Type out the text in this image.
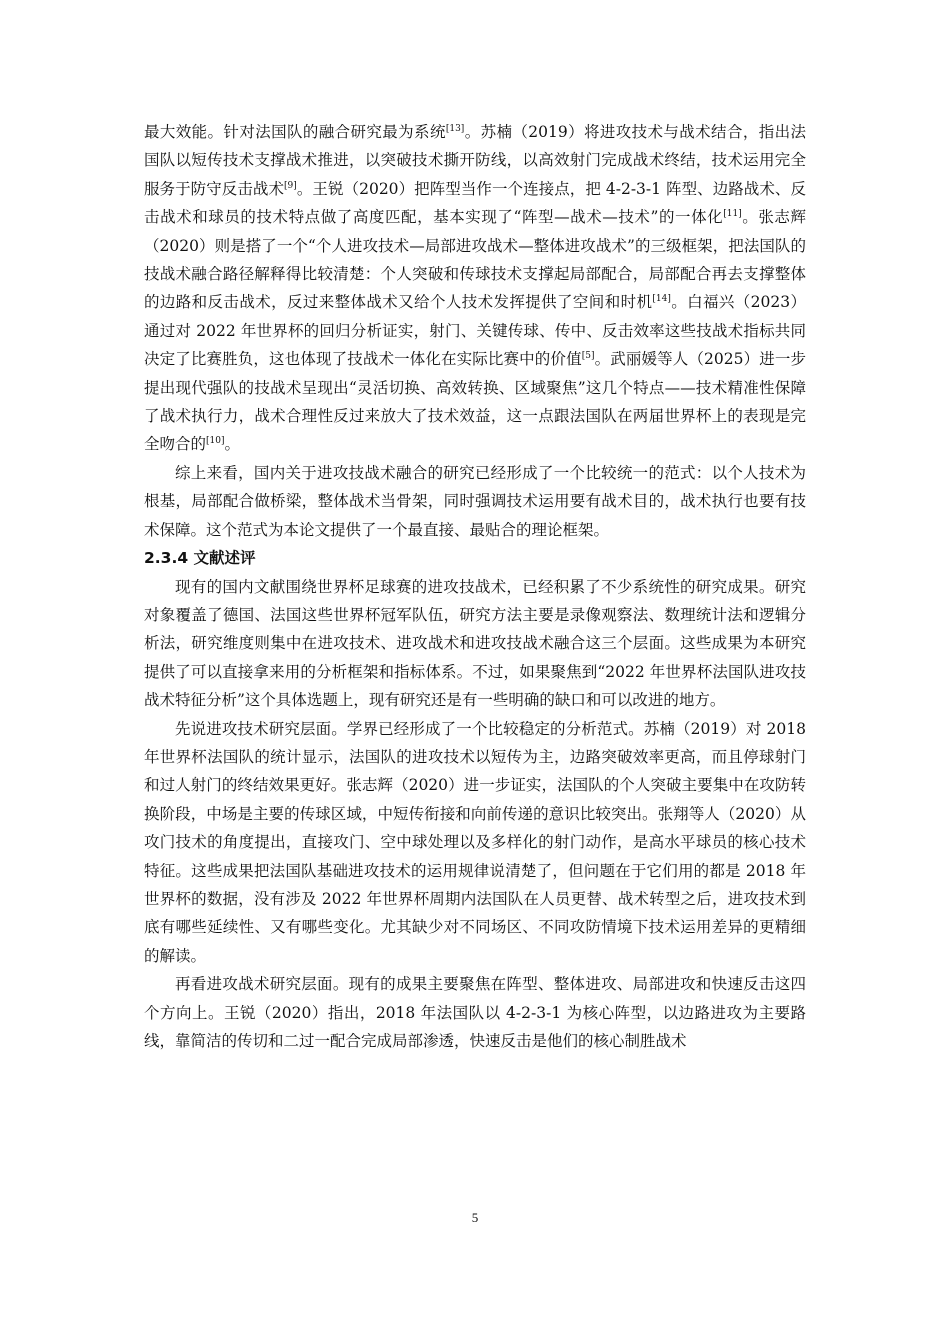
最大效能。针对法国队的融合研究最为系统[13]。苏楠（2019）将进攻技术与战术结合，指出法国队以短传技术支撑战术推进，以突破技术撕开防线，以高效射门完成战术终结，技术运用完全服务于防守反击战术[9]。王锐（2020）把阵型当作一个连接点，把 4-2-3-1 阵型、边路战术、反击战术和球员的技术特点做了高度匹配，基本实现了“阵型—战术—技术”的一体化[11]。张志辉（2020）则是搭了一个“个人进攻技术—局部进攻战术—整体进攻战术”的三级框架，把法国队的技战术融合路径解释得比较清楚：个人突破和传球技术支撑起局部配合，局部配合再去支撑整体的边路和反击战术，反过来整体战术又给个人技术发挥提供了空间和时机[14]。白福兴（2023）通过对 2022 年世界杯的回归分析证实，射门、关键传球、传中、反击效率这些技战术指标共同决定了比赛胜负，这也体现了技战术一体化在实际比赛中的价值[5]。武丽媛等人（2025）进一步提出现代强队的技战术呈现出“灵活切换、高效转换、区域聚焦”这几个特点——技术精准性保障了战术执行力，战术合理性反过来放大了技术效益，这一点跟法国队在两届世界杯上的表现是完全吻合的[10]。

综上来看，国内关于进攻技战术融合的研究已经形成了一个比较统一的范式：以个人技术为根基，局部配合做桥梁，整体战术当骨架，同时强调技术运用要有战术目的，战术执行也要有技术保障。这个范式为本论文提供了一个最直接、最贴合的理论框架。

2.3.4 文献述评

现有的国内文献围绕世界杯足球赛的进攻技战术，已经积累了不少系统性的研究成果。研究对象覆盖了德国、法国这些世界杯冠军队伍，研究方法主要是录像观察法、数理统计法和逻辑分析法，研究维度则集中在进攻技术、进攻战术和进攻技战术融合这三个层面。这些成果为本研究提供了可以直接拿来用的分析框架和指标体系。不过，如果聚焦到“2022 年世界杯法国队进攻技战术特征分析”这个具体选题上，现有研究还是有一些明确的缺口和可以改进的地方。

先说进攻技术研究层面。学界已经形成了一个比较稳定的分析范式。苏楠（2019）对 2018 年世界杯法国队的统计显示，法国队的进攻技术以短传为主，边路突破效率更高，而且停球射门和过人射门的终结效果更好。张志辉（2020）进一步证实，法国队的个人突破主要集中在攻防转换阶段，中场是主要的传球区域，中短传衔接和向前传递的意识比较突出。张翔等人（2020）从攻门技术的角度提出，直接攻门、空中球处理以及多样化的射门动作，是高水平球员的核心技术特征。这些成果把法国队基础进攻技术的运用规律说清楚了，但问题在于它们用的都是 2018 年世界杯的数据，没有涉及 2022 年世界杯周期内法国队在人员更替、战术转型之后，进攻技术到底有哪些延续性、又有哪些变化。尤其缺少对不同场区、不同攻防情境下技术运用差异的更精细的解读。

再看进攻战术研究层面。现有的成果主要聚焦在阵型、整体进攻、局部进攻和快速反击这四个方向上。王锐（2020）指出，2018 年法国队以 4-2-3-1 为核心阵型，以边路进攻为主要路线，靠简洁的传切和二过一配合完成局部渗透，快速反击是他们的核心制胜战术

5
